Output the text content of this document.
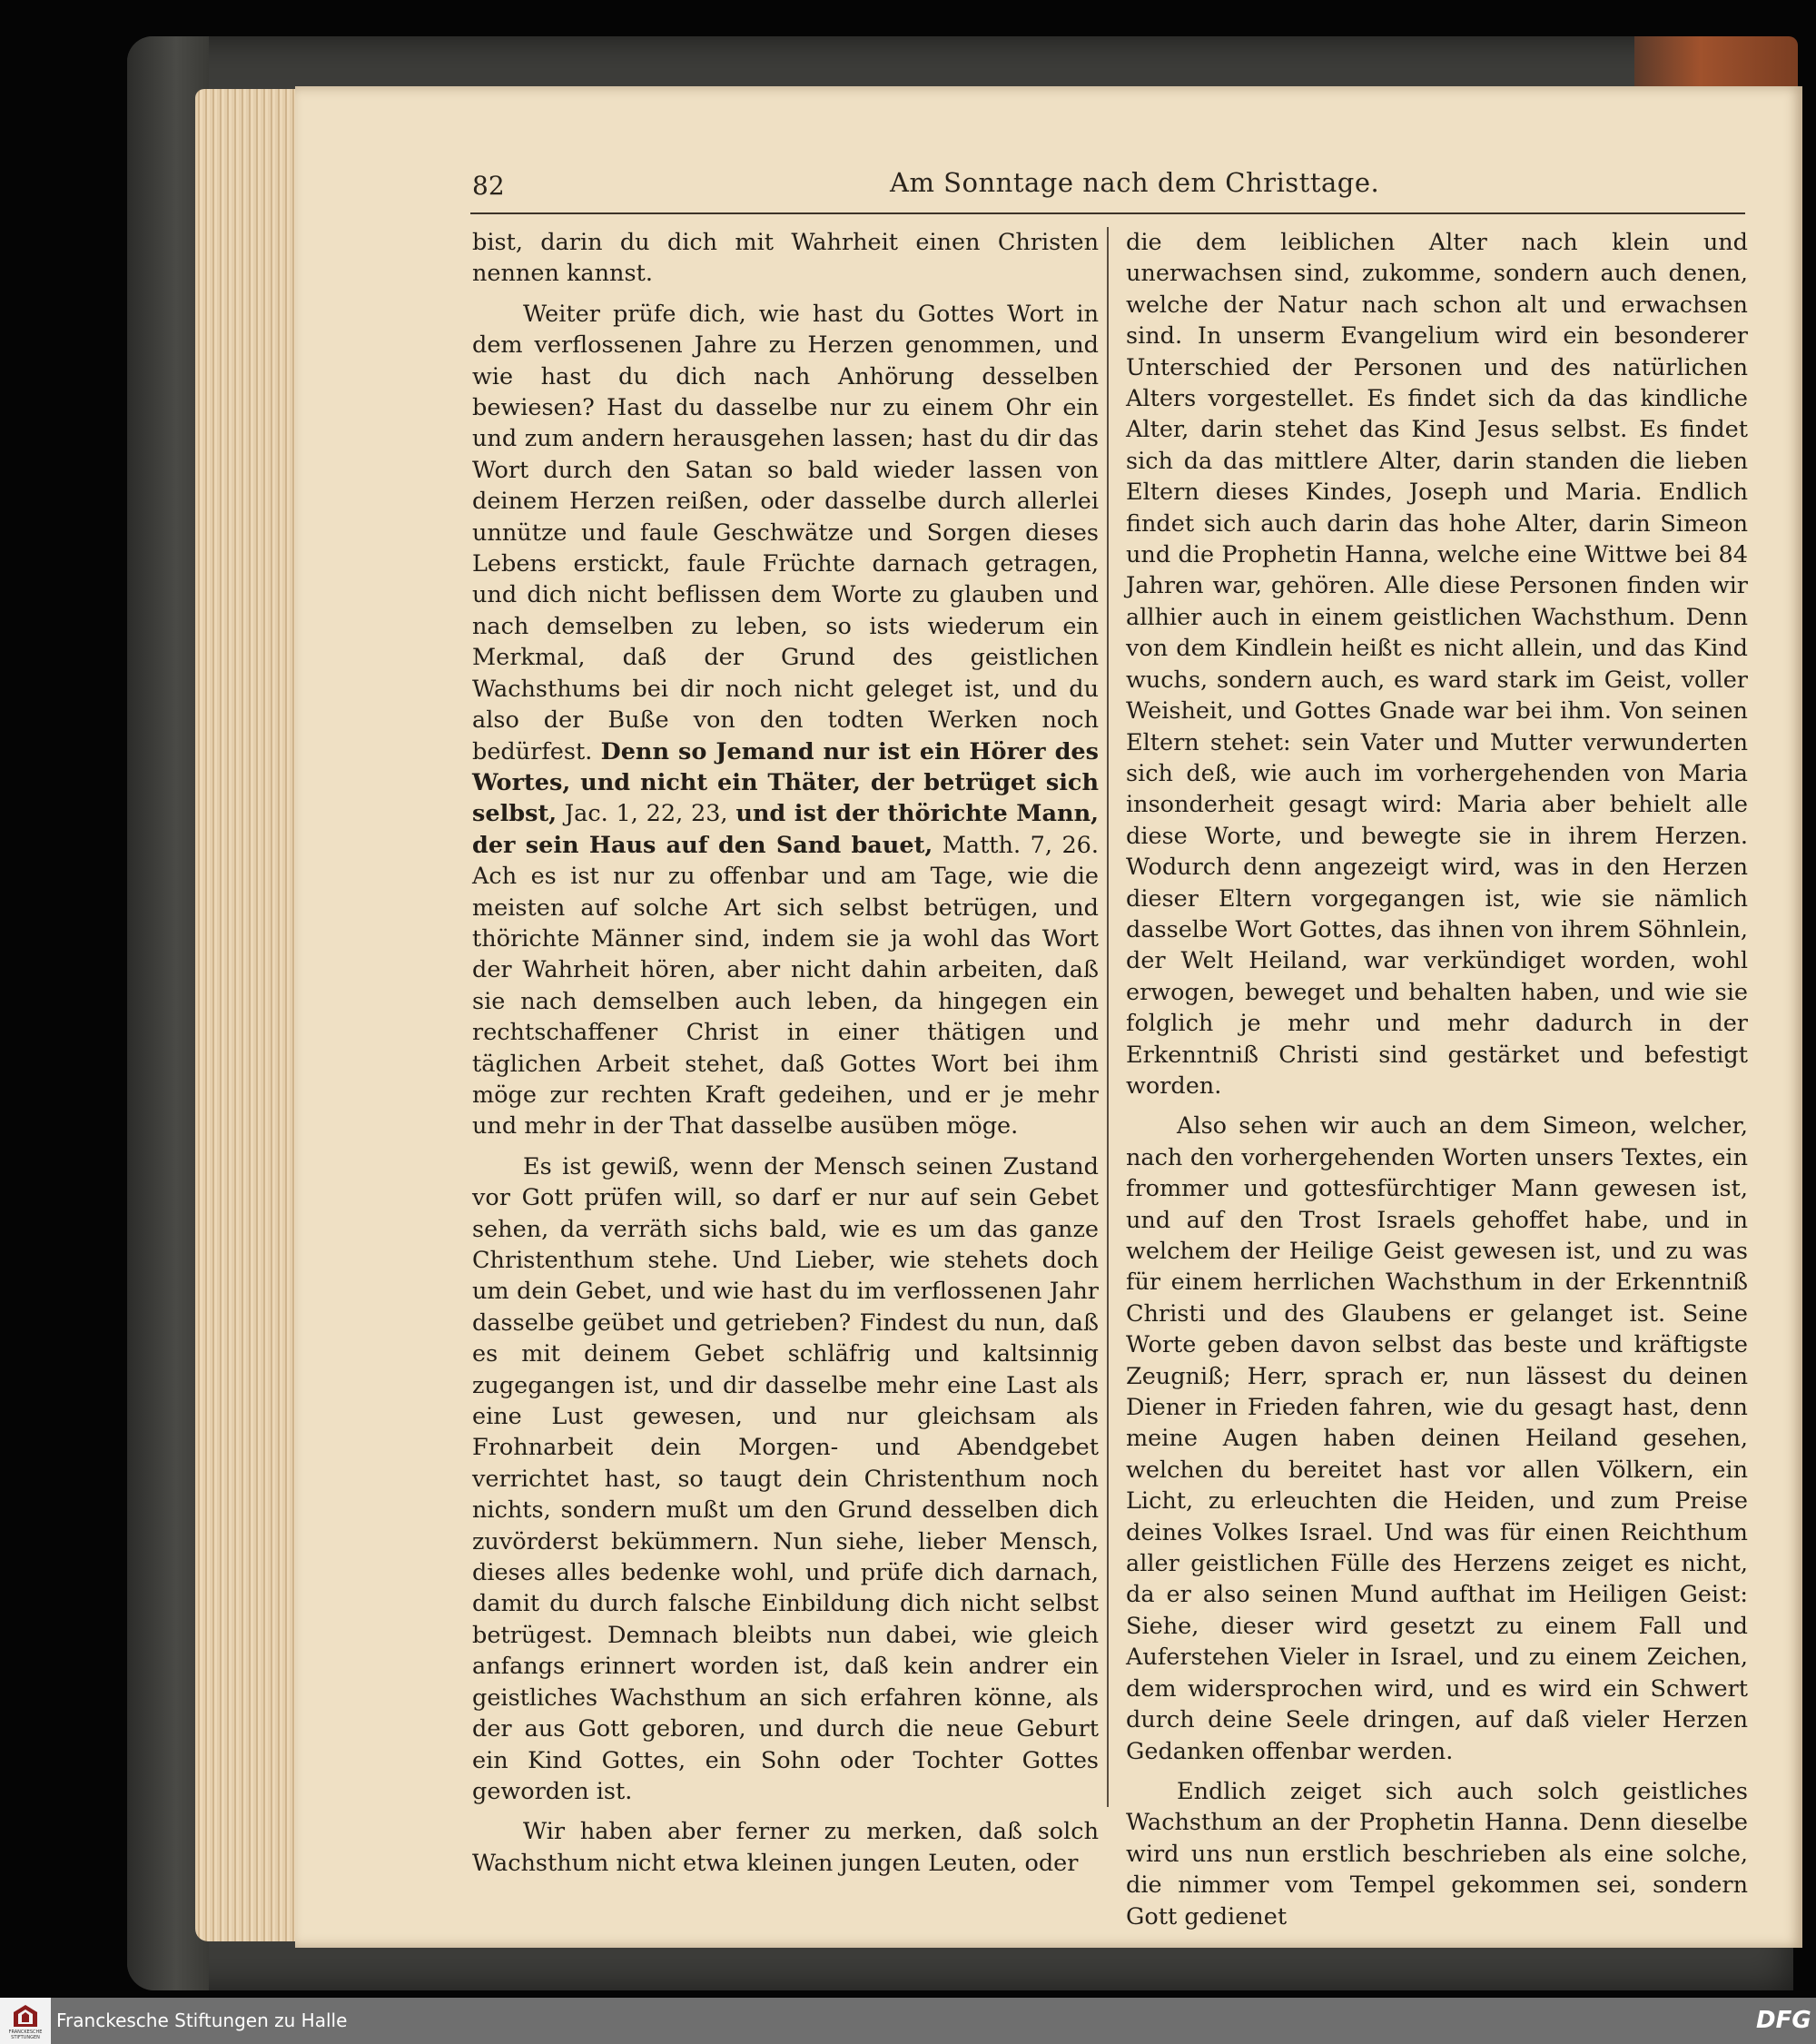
82	Am Sonntage nach dem Christtage.

bist, darin du dich mit Wahrheit einen Christen nennen kannst.

Weiter prüfe dich, wie hast du Gottes Wort in dem verflossenen Jahre zu Herzen genommen, und wie hast du dich nach Anhörung desselben bewiesen? Hast du dasselbe nur zu einem Ohr ein und zum andern herausgehen lassen; hast du dir das Wort durch den Satan so bald wieder lassen von deinem Herzen reißen, oder dasselbe durch allerlei unnütze und faule Geschwätze und Sorgen dieses Lebens erstickt, faule Früchte darnach getragen, und dich nicht beflissen dem Worte zu glauben und nach demselben zu leben, so ists wiederum ein Merkmal, daß der Grund des geistlichen Wachsthums bei dir noch nicht geleget ist, und du also der Buße von den todten Werken noch bedürfest. Denn so Jemand nur ist ein Hörer des Wortes, und nicht ein Thäter, der betrüget sich selbst, Jac. 1, 22, 23, und ist der thörichte Mann, der sein Haus auf den Sand bauet, Matth. 7, 26. Ach es ist nur zu offenbar und am Tage, wie die meisten auf solche Art sich selbst betrügen, und thörichte Männer sind, indem sie ja wohl das Wort der Wahrheit hören, aber nicht dahin arbeiten, daß sie nach demselben auch leben, da hingegen ein rechtschaffener Christ in einer thätigen und täglichen Arbeit stehet, daß Gottes Wort bei ihm möge zur rechten Kraft gedeihen, und er je mehr und mehr in der That dasselbe ausüben möge.

Es ist gewiß, wenn der Mensch seinen Zustand vor Gott prüfen will, so darf er nur auf sein Gebet sehen, da verräth sichs bald, wie es um das ganze Christenthum stehe. Und Lieber, wie stehets doch um dein Gebet, und wie hast du im verflossenen Jahr dasselbe geübet und getrieben? Findest du nun, daß es mit deinem Gebet schläfrig und kaltsinnig zugegangen ist, und dir dasselbe mehr eine Last als eine Lust gewesen, und nur gleichsam als Frohnarbeit dein Morgen- und Abendgebet verrichtet hast, so taugt dein Christenthum noch nichts, sondern mußt um den Grund desselben dich zuvörderst bekümmern. Nun siehe, lieber Mensch, dieses alles bedenke wohl, und prüfe dich darnach, damit du durch falsche Einbildung dich nicht selbst betrügest. Demnach bleibts nun dabei, wie gleich anfangs erinnert worden ist, daß kein andrer ein geistliches Wachsthum an sich erfahren könne, als der aus Gott geboren, und durch die neue Geburt ein Kind Gottes, ein Sohn oder Tochter Gottes geworden ist.

Wir haben aber ferner zu merken, daß solch Wachsthum nicht etwa kleinen jungen Leuten, oder

die dem leiblichen Alter nach klein und unerwachsen sind, zukomme, sondern auch denen, welche der Natur nach schon alt und erwachsen sind. In unserm Evangelium wird ein besonderer Unterschied der Personen und des natürlichen Alters vorgestellet. Es findet sich da das kindliche Alter, darin stehet das Kind Jesus selbst. Es findet sich da das mittlere Alter, darin standen die lieben Eltern dieses Kindes, Joseph und Maria. Endlich findet sich auch darin das hohe Alter, darin Simeon und die Prophetin Hanna, welche eine Wittwe bei 84 Jahren war, gehören. Alle diese Personen finden wir allhier auch in einem geistlichen Wachsthum. Denn von dem Kindlein heißt es nicht allein, und das Kind wuchs, sondern auch, es ward stark im Geist, voller Weisheit, und Gottes Gnade war bei ihm. Von seinen Eltern stehet: sein Vater und Mutter verwunderten sich deß, wie auch im vorhergehenden von Maria insonderheit gesagt wird: Maria aber behielt alle diese Worte, und bewegte sie in ihrem Herzen. Wodurch denn angezeigt wird, was in den Herzen dieser Eltern vorgegangen ist, wie sie nämlich dasselbe Wort Gottes, das ihnen von ihrem Söhnlein, der Welt Heiland, war verkündiget worden, wohl erwogen, beweget und behalten haben, und wie sie folglich je mehr und mehr dadurch in der Erkenntniß Christi sind gestärket und befestigt worden.

Also sehen wir auch an dem Simeon, welcher, nach den vorhergehenden Worten unsers Textes, ein frommer und gottesfürchtiger Mann gewesen ist, und auf den Trost Israels gehoffet habe, und in welchem der Heilige Geist gewesen ist, und zu was für einem herrlichen Wachsthum in der Erkenntniß Christi und des Glaubens er gelanget ist. Seine Worte geben davon selbst das beste und kräftigste Zeugniß; Herr, sprach er, nun lässest du deinen Diener in Frieden fahren, wie du gesagt hast, denn meine Augen haben deinen Heiland gesehen, welchen du bereitet hast vor allen Völkern, ein Licht, zu erleuchten die Heiden, und zum Preise deines Volkes Israel. Und was für einen Reichthum aller geistlichen Fülle des Herzens zeiget es nicht, da er also seinen Mund aufthat im Heiligen Geist: Siehe, dieser wird gesetzt zu einem Fall und Auferstehen Vieler in Israel, und zu einem Zeichen, dem widersprochen wird, und es wird ein Schwert durch deine Seele dringen, auf daß vieler Herzen Gedanken offenbar werden.

Endlich zeiget sich auch solch geistliches Wachsthum an der Prophetin Hanna. Denn dieselbe wird uns nun erstlich beschrieben als eine solche, die nimmer vom Tempel gekommen sei, sondern Gott gedienet

FRANCKESCHE STIFTUNGEN
Franckesche Stiftungen zu Halle	DFG
